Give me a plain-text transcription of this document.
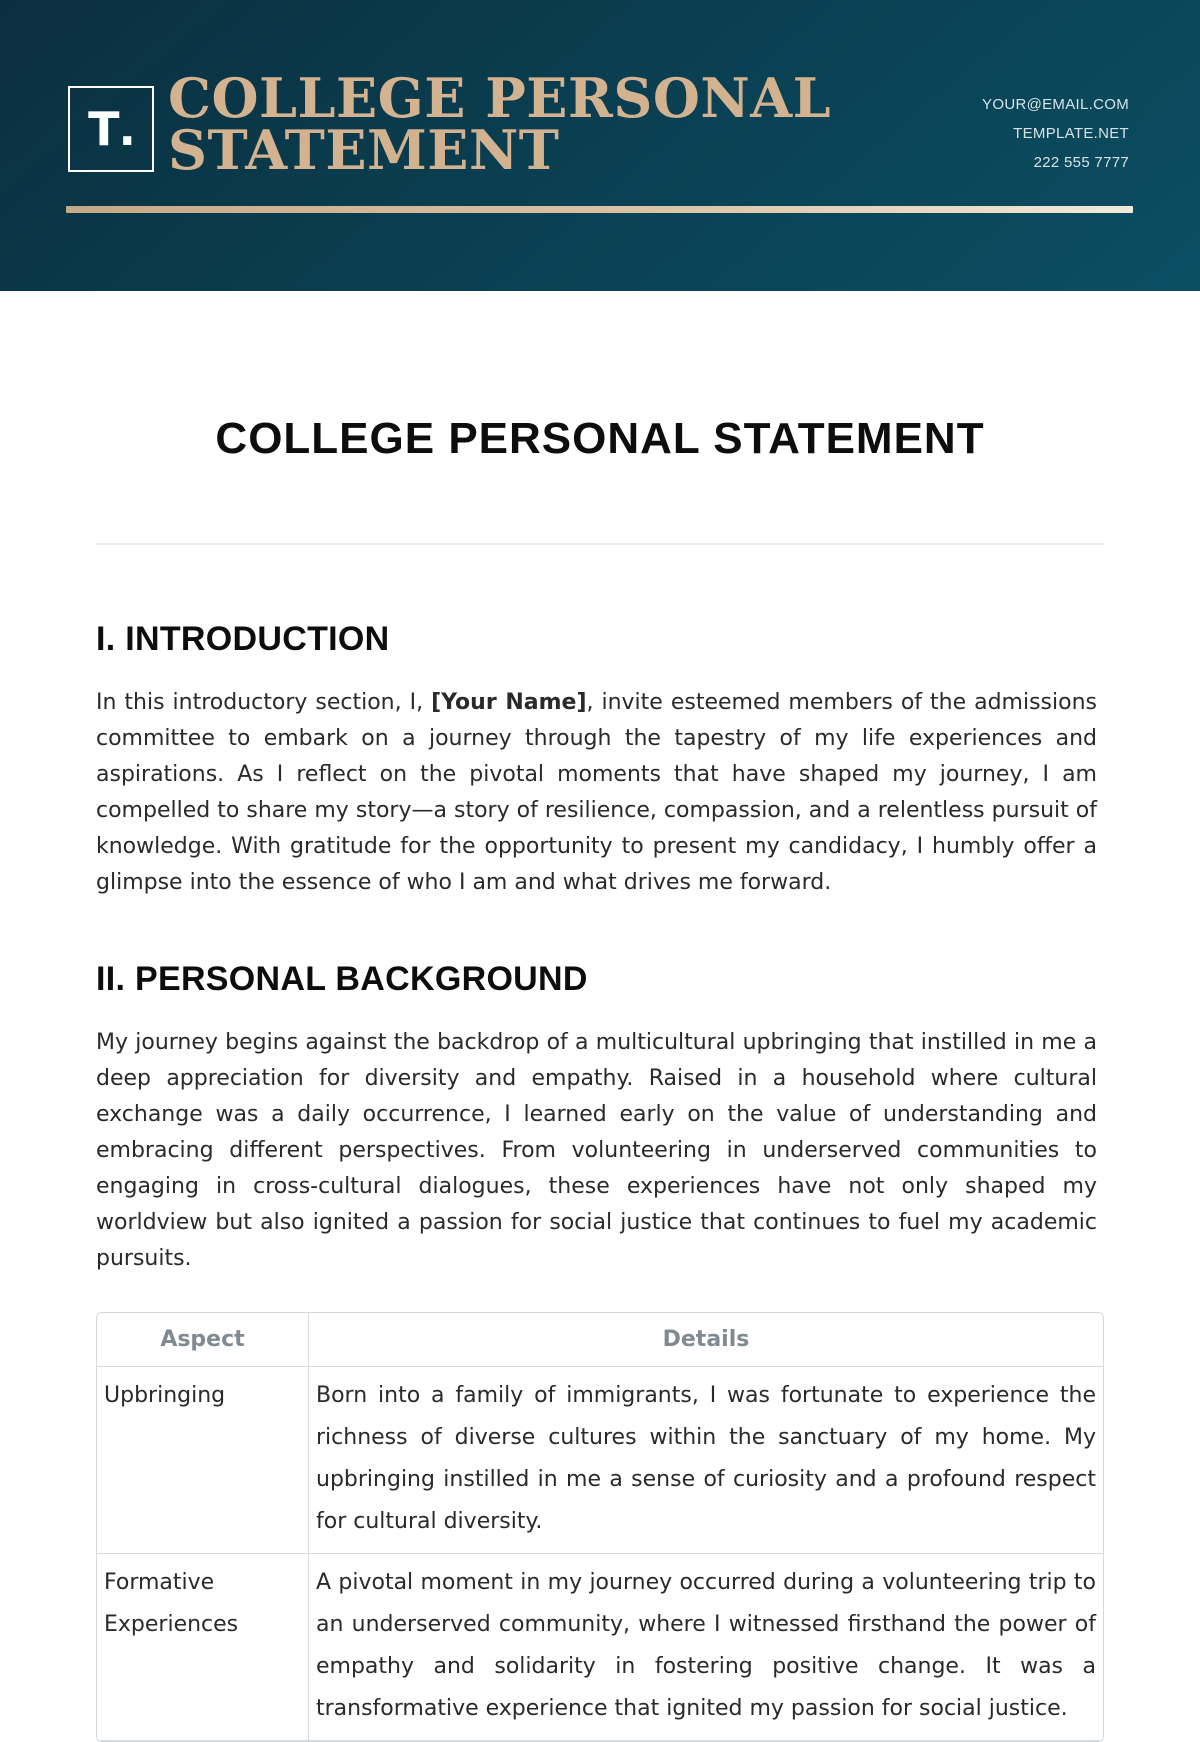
T . COLLEGE PERSONAL
STATEMENT
YOUR@EMAIL.COM
TEMPLATE.NET
222 555 7777
COLLEGE PERSONAL STATEMENT
I. INTRODUCTION

In this introductory section, I, [Your Name], invite esteemed members of the admissions committee to embark on a journey through the tapestry of my life experiences and aspirations. As I reflect on the pivotal moments that have shaped my journey, I am compelled to share my story—a story of resilience, compassion, and a relentless pursuit of knowledge. With gratitude for the opportunity to present my candidacy, I humbly offer a glimpse into the essence of who I am and what drives me forward.

II. PERSONAL BACKGROUND

My journey begins against the backdrop of a multicultural upbringing that instilled in me a deep appreciation for diversity and empathy. Raised in a household where cultural exchange was a daily occurrence, I learned early on the value of understanding and embracing different perspectives. From volunteering in underserved communities to engaging in cross-cultural dialogues, these experiences have not only shaped my worldview but also ignited a passion for social justice that continues to fuel my academic pursuits.

Aspect	Details
Upbringing	Born into a family of immigrants, I was fortunate to experience the richness of diverse cultures within the sanctuary of my home. My upbringing instilled in me a sense of curiosity and a profound respect for cultural diversity.
Formative Experiences	A pivotal moment in my journey occurred during a volunteering trip to an underserved community, where I witnessed firsthand the power of empathy and solidarity in fostering positive change. It was a transformative experience that ignited my passion for social justice.
